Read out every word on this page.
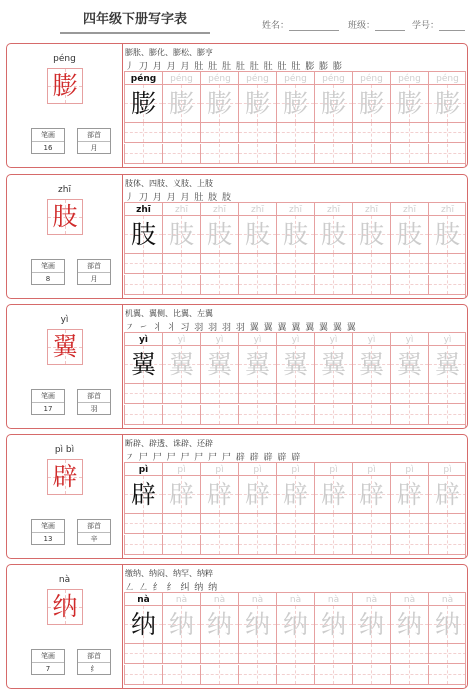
四年级下册写字表	姓名：	班级：	学号：
péng
膨
笔画
16
部首
月
膨胀、膨化、膨松、膨亨
丿 刀 月 月 月 肚 肚 肚 肚 肚 肚 肚 肚 膨 膨 膨
péng	péng	péng	péng	péng	péng	péng	péng	péng
膨 膨 膨 膨 膨 膨 膨 膨 膨
zhī
肢
笔画
8
部首
月
肢体、四肢、义肢、上肢
丿 刀 月 月 月 肚 肢 肢
zhī	zhī	zhī	zhī	zhī	zhī	zhī	zhī	zhī
肢 肢 肢 肢 肢 肢 肢 肢 肢
yì
翼
笔画
17
部首
羽
机翼、翼侧、比翼、左翼
㇇ ㇀ 丬 丬 习 羽 羽 羽 羽 翼 翼 翼 翼 翼 翼 翼 翼
yì	yì	yì	yì	yì	yì	yì	yì	yì
翼 翼 翼 翼 翼 翼 翼 翼 翼
pì bì
辟
笔画
13
部首
辛
断辟、辟透、诛辟、还辟
㇇ 尸 尸 尸 尸 尸 尸 尸 辟 辟 辟 辟 辟
pì	pì	pì	pì	pì	pì	pì	pì	pì
辟 辟 辟 辟 辟 辟 辟 辟 辟
nà
纳
笔画
7
部首
纟
缴纳、纳闷、纳罕、纳粹
㇜ ㇜ 纟 纟 纠 纳 纳
nà	nà	nà	nà	nà	nà	nà	nà	nà
纳 纳 纳 纳 纳 纳 纳 纳 纳
